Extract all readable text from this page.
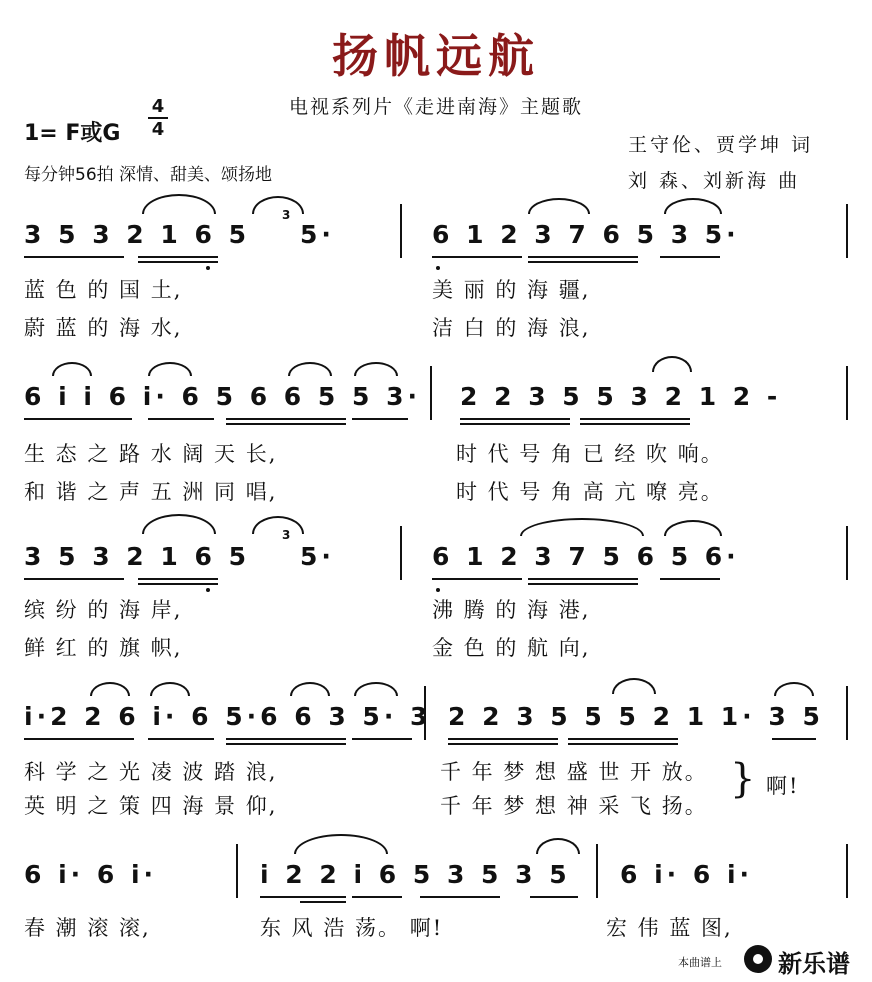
扬帆远航
电视系列片《走进南海》主题歌
1= F或G
4
4
每分钟56拍 深情、甜美、颂扬地
王守伦、贾学坤 词
刘 森、刘新海 曲
3 5 3 2 1 6 5
3
5·	6 1 2 3 7 6 5 3 5·
蓝 色 的 国 土,	美 丽 的 海 疆,
蔚 蓝 的 海 水,	洁 白 的 海 浪,
6 i i 6 i· 6 5 6 6 5 5 3· 2 2 3 5 5 3 2 1 2 -
生 态 之 路 水 阔 天 长,	时 代 号 角 已 经 吹 响。
和 谐 之 声 五 洲 同 唱,	时 代 号 角 高 亢 嘹 亮。
3 5 3 2 1 6 5
3
5·	6 1 2 3 7 5 6 5 6·
缤 纷 的 海 岸,	沸 腾 的 海 港,
鲜 红 的 旗 帜,	金 色 的 航 向,
i·2 2 6 i· 6 5·6 6 3 5· 3 2 2 3 5 5 5 2 1 1· 3 5
科 学 之 光 凌 波 踏 浪,	千 年 梦 想 盛 世 开 放。
英 明 之 策 四 海 景 仰,	千 年 梦 想 神 采 飞 扬。
} 啊!
6 i· 6 i·	i 2 2 i 6 5 3 5 3 5 6 i· 6 i·
春 潮 滚 滚,	东 风 浩 荡。 啊!	宏 伟 蓝 图,
本曲谱上 新乐谱
